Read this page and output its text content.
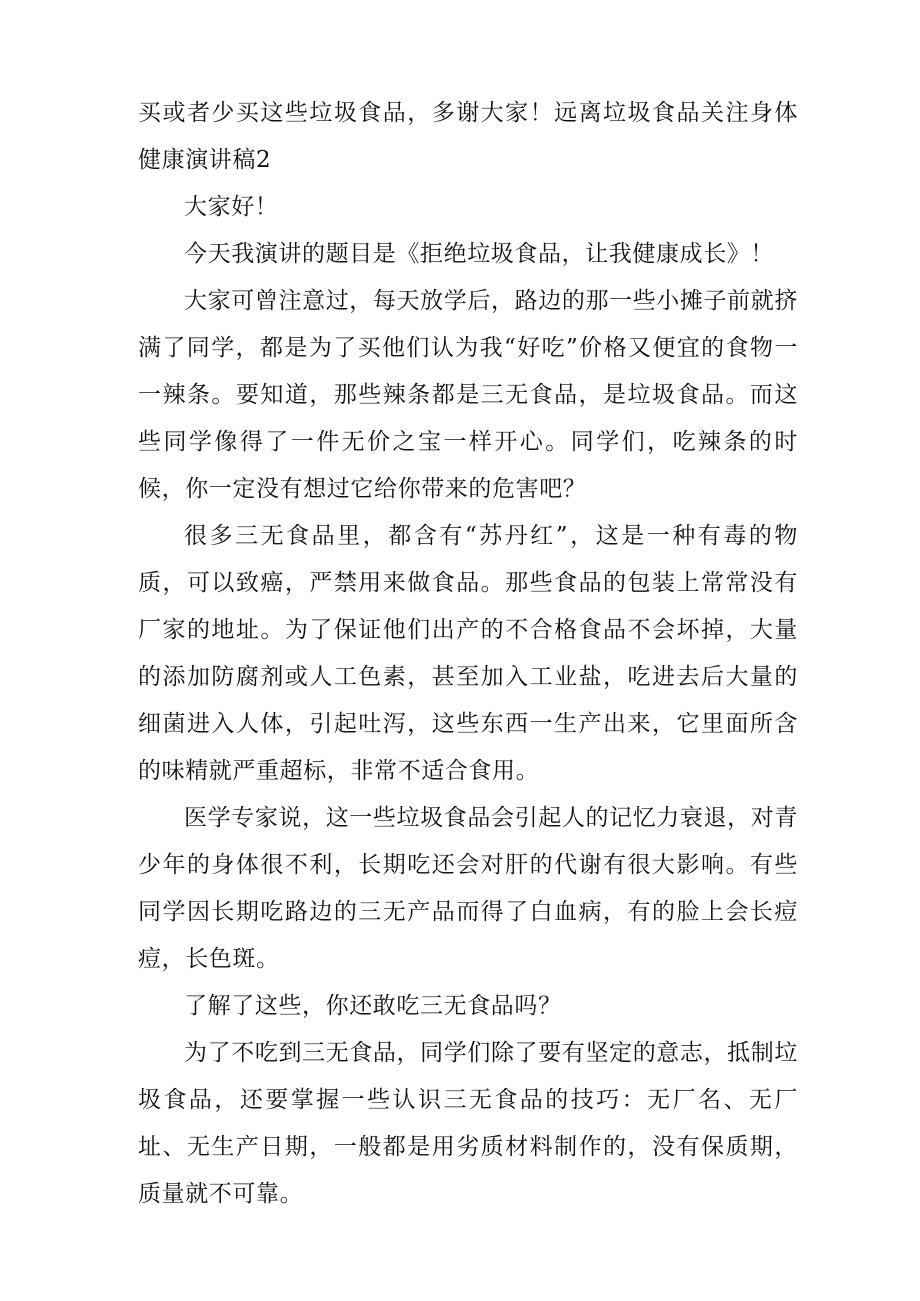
买或者少买这些垃圾食品，多谢大家！远离垃圾食品关注身体健康演讲稿2

大家好！

今天我演讲的题目是《拒绝垃圾食品，让我健康成长》！

大家可曾注意过，每天放学后，路边的那一些小摊子前就挤满了同学，都是为了买他们认为我“好吃”价格又便宜的食物一一辣条。要知道，那些辣条都是三无食品，是垃圾食品。而这些同学像得了一件无价之宝一样开心。同学们，吃辣条的时候，你一定没有想过它给你带来的危害吧？

很多三无食品里，都含有“苏丹红”，这是一种有毒的物质，可以致癌，严禁用来做食品。那些食品的包装上常常没有厂家的地址。为了保证他们出产的不合格食品不会坏掉，大量的添加防腐剂或人工色素，甚至加入工业盐，吃进去后大量的细菌进入人体，引起吐泻，这些东西一生产出来，它里面所含的味精就严重超标，非常不适合食用。

医学专家说，这一些垃圾食品会引起人的记忆力衰退，对青少年的身体很不利，长期吃还会对肝的代谢有很大影响。有些同学因长期吃路边的三无产品而得了白血病，有的脸上会长痘痘，长色斑。

了解了这些，你还敢吃三无食品吗？

为了不吃到三无食品，同学们除了要有坚定的意志，抵制垃圾食品，还要掌握一些认识三无食品的技巧：无厂名、无厂址、无生产日期，一般都是用劣质材料制作的，没有保质期，质量就不可靠。
